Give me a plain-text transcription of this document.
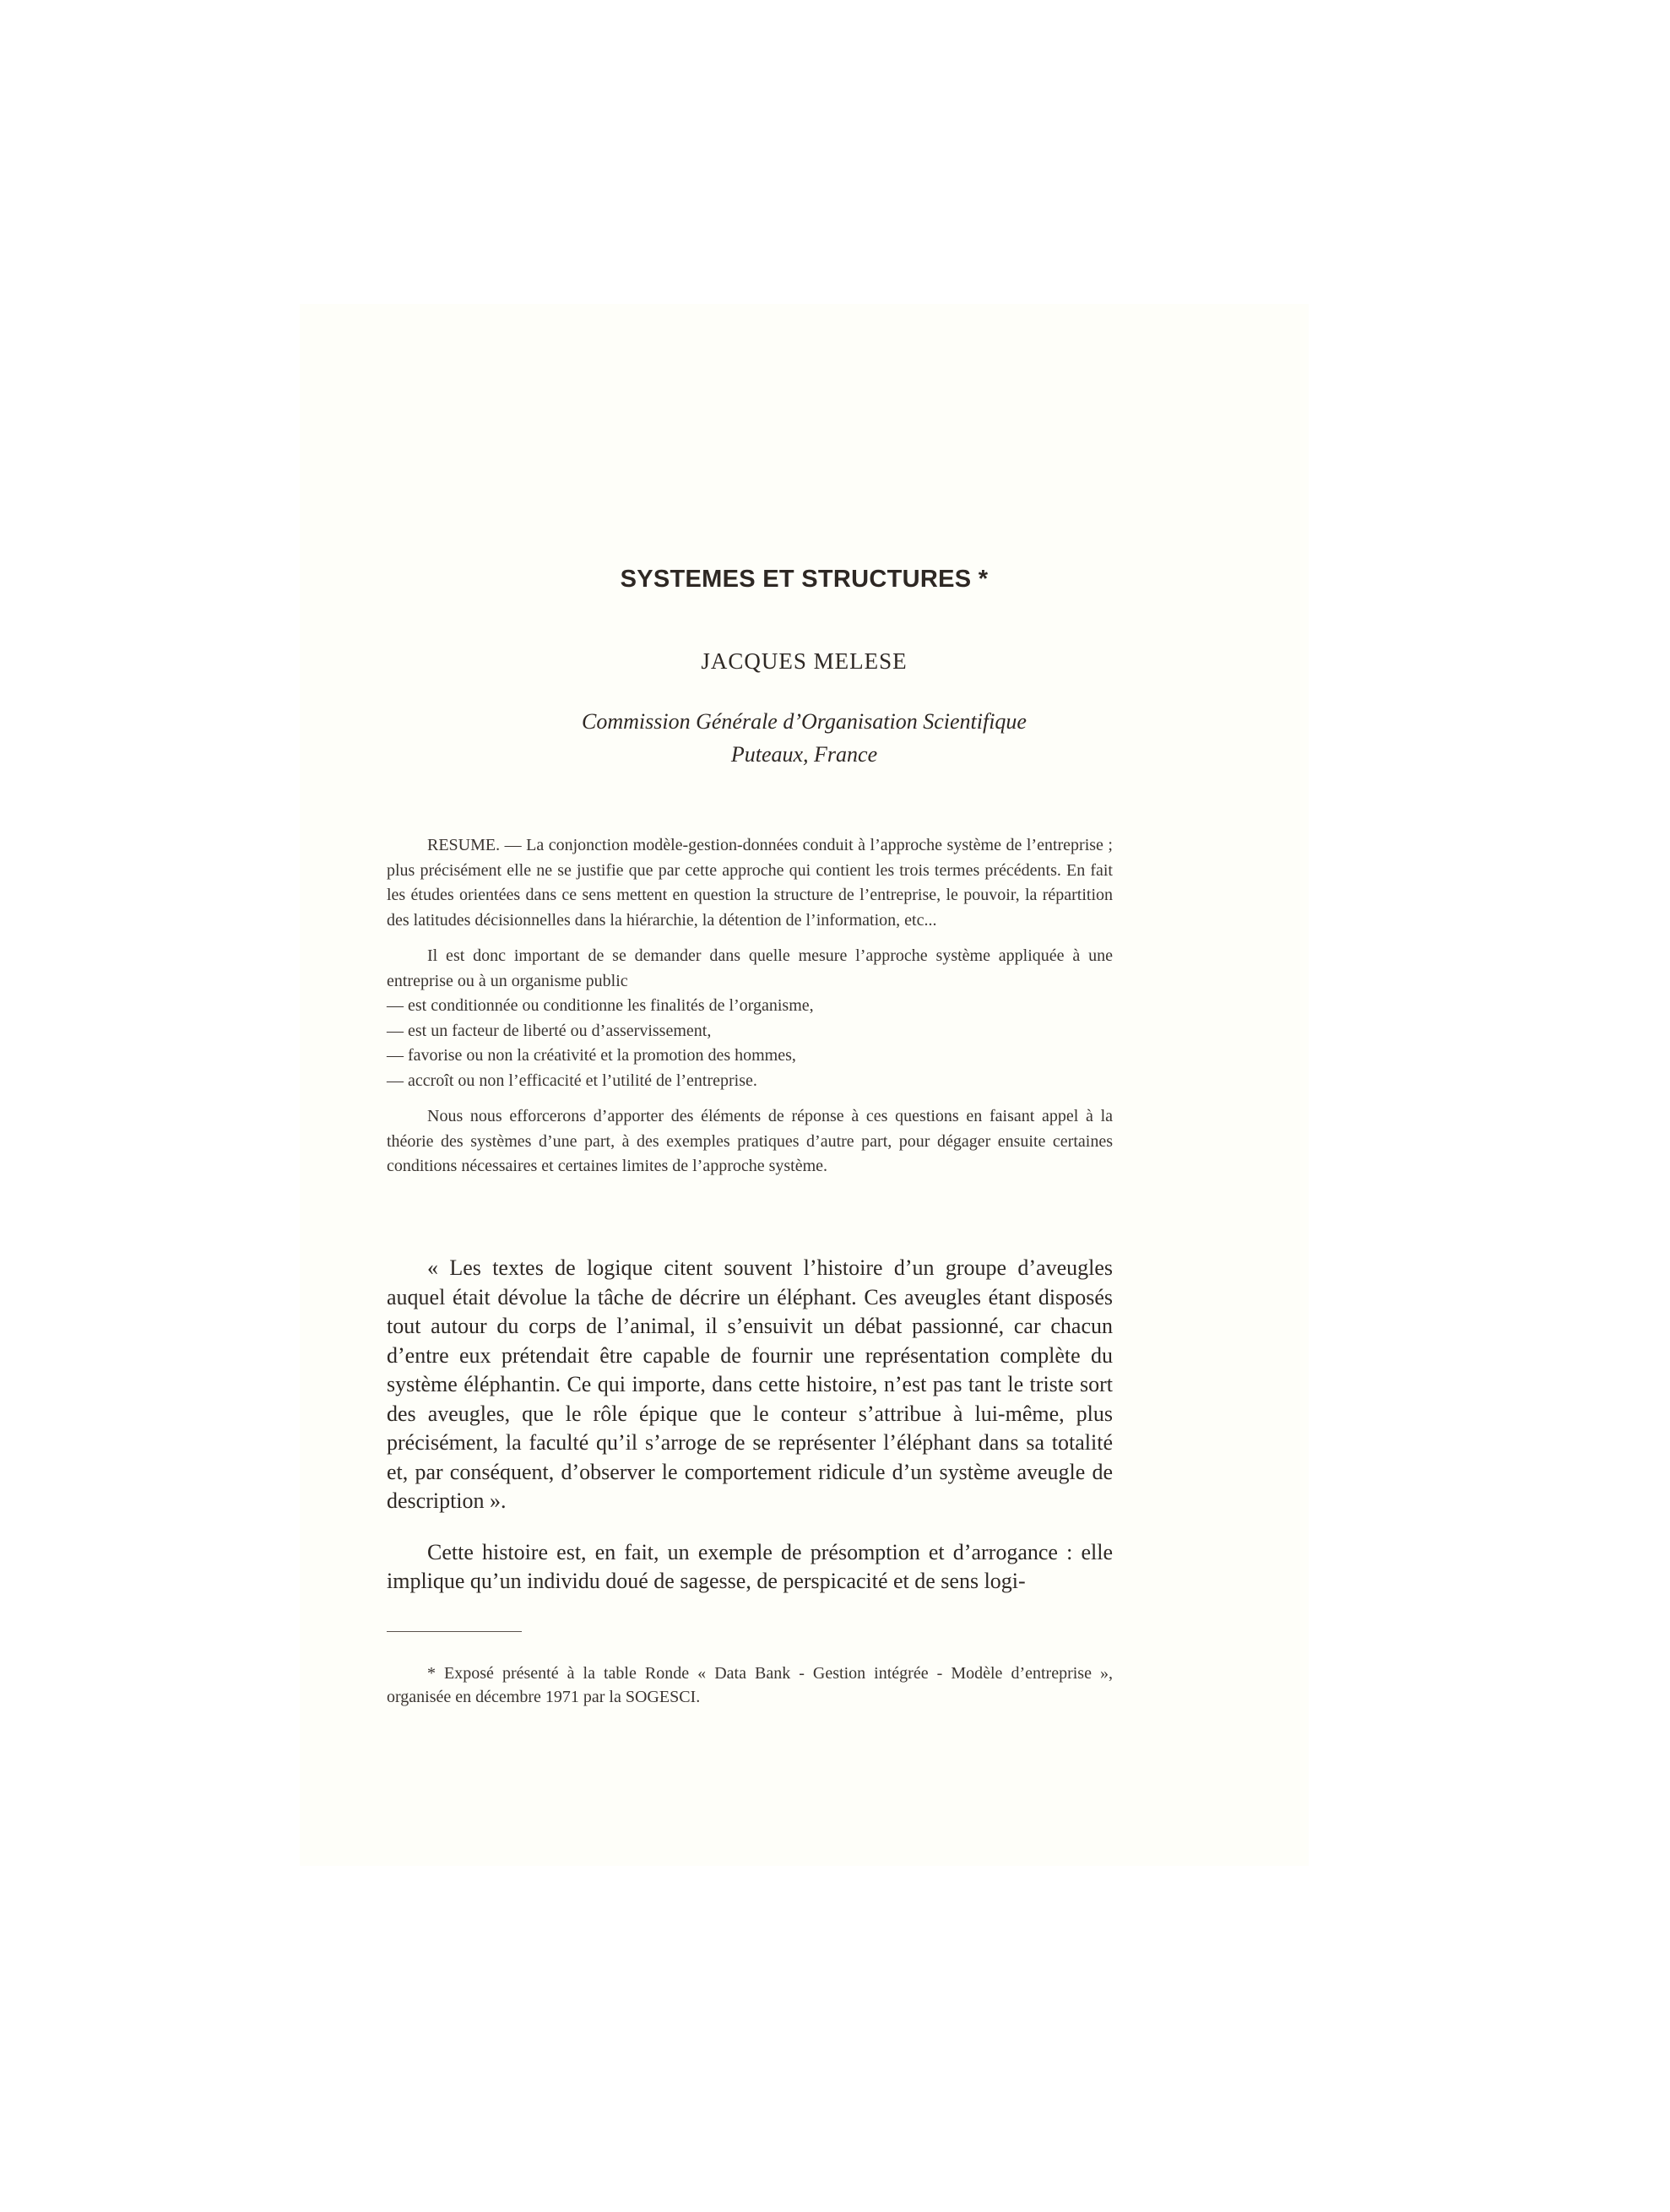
SYSTEMES ET STRUCTURES *
JACQUES MELESE
Commission Générale d’Organisation Scientifique
Puteaux, France

RESUME. — La conjonction modèle-gestion-données conduit à l’approche système de l’entreprise ; plus précisément elle ne se justifie que par cette approche qui contient les trois termes précédents. En fait les études orientées dans ce sens mettent en question la structure de l’entreprise, le pouvoir, la répartition des latitudes décisionnelles dans la hiérarchie, la détention de l’information, etc...

Il est donc important de se demander dans quelle mesure l’approche système appliquée à une entreprise ou à un organisme public

— est conditionnée ou conditionne les finalités de l’organisme,
— est un facteur de liberté ou d’asservissement,
— favorise ou non la créativité et la promotion des hommes,
— accroît ou non l’efficacité et l’utilité de l’entreprise.

Nous nous efforcerons d’apporter des éléments de réponse à ces questions en faisant appel à la théorie des systèmes d’une part, à des exemples pratiques d’autre part, pour dégager ensuite certaines conditions nécessaires et certaines limites de l’approche système.

« Les textes de logique citent souvent l’histoire d’un groupe d’aveugles auquel était dévolue la tâche de décrire un éléphant. Ces aveugles étant disposés tout autour du corps de l’animal, il s’ensuivit un débat passionné, car chacun d’entre eux prétendait être capable de fournir une représentation complète du système éléphantin. Ce qui importe, dans cette histoire, n’est pas tant le triste sort des aveugles, que le rôle épique que le conteur s’attribue à lui-même, plus précisément, la faculté qu’il s’arroge de se représenter l’éléphant dans sa totalité et, par conséquent, d’observer le comportement ridicule d’un système aveugle de description ».

Cette histoire est, en fait, un exemple de présomption et d’arrogance : elle implique qu’un individu doué de sagesse, de perspicacité et de sens logi-

* Exposé présenté à la table Ronde « Data Bank - Gestion intégrée - Modèle d’entreprise », organisée en décembre 1971 par la SOGESCI.
